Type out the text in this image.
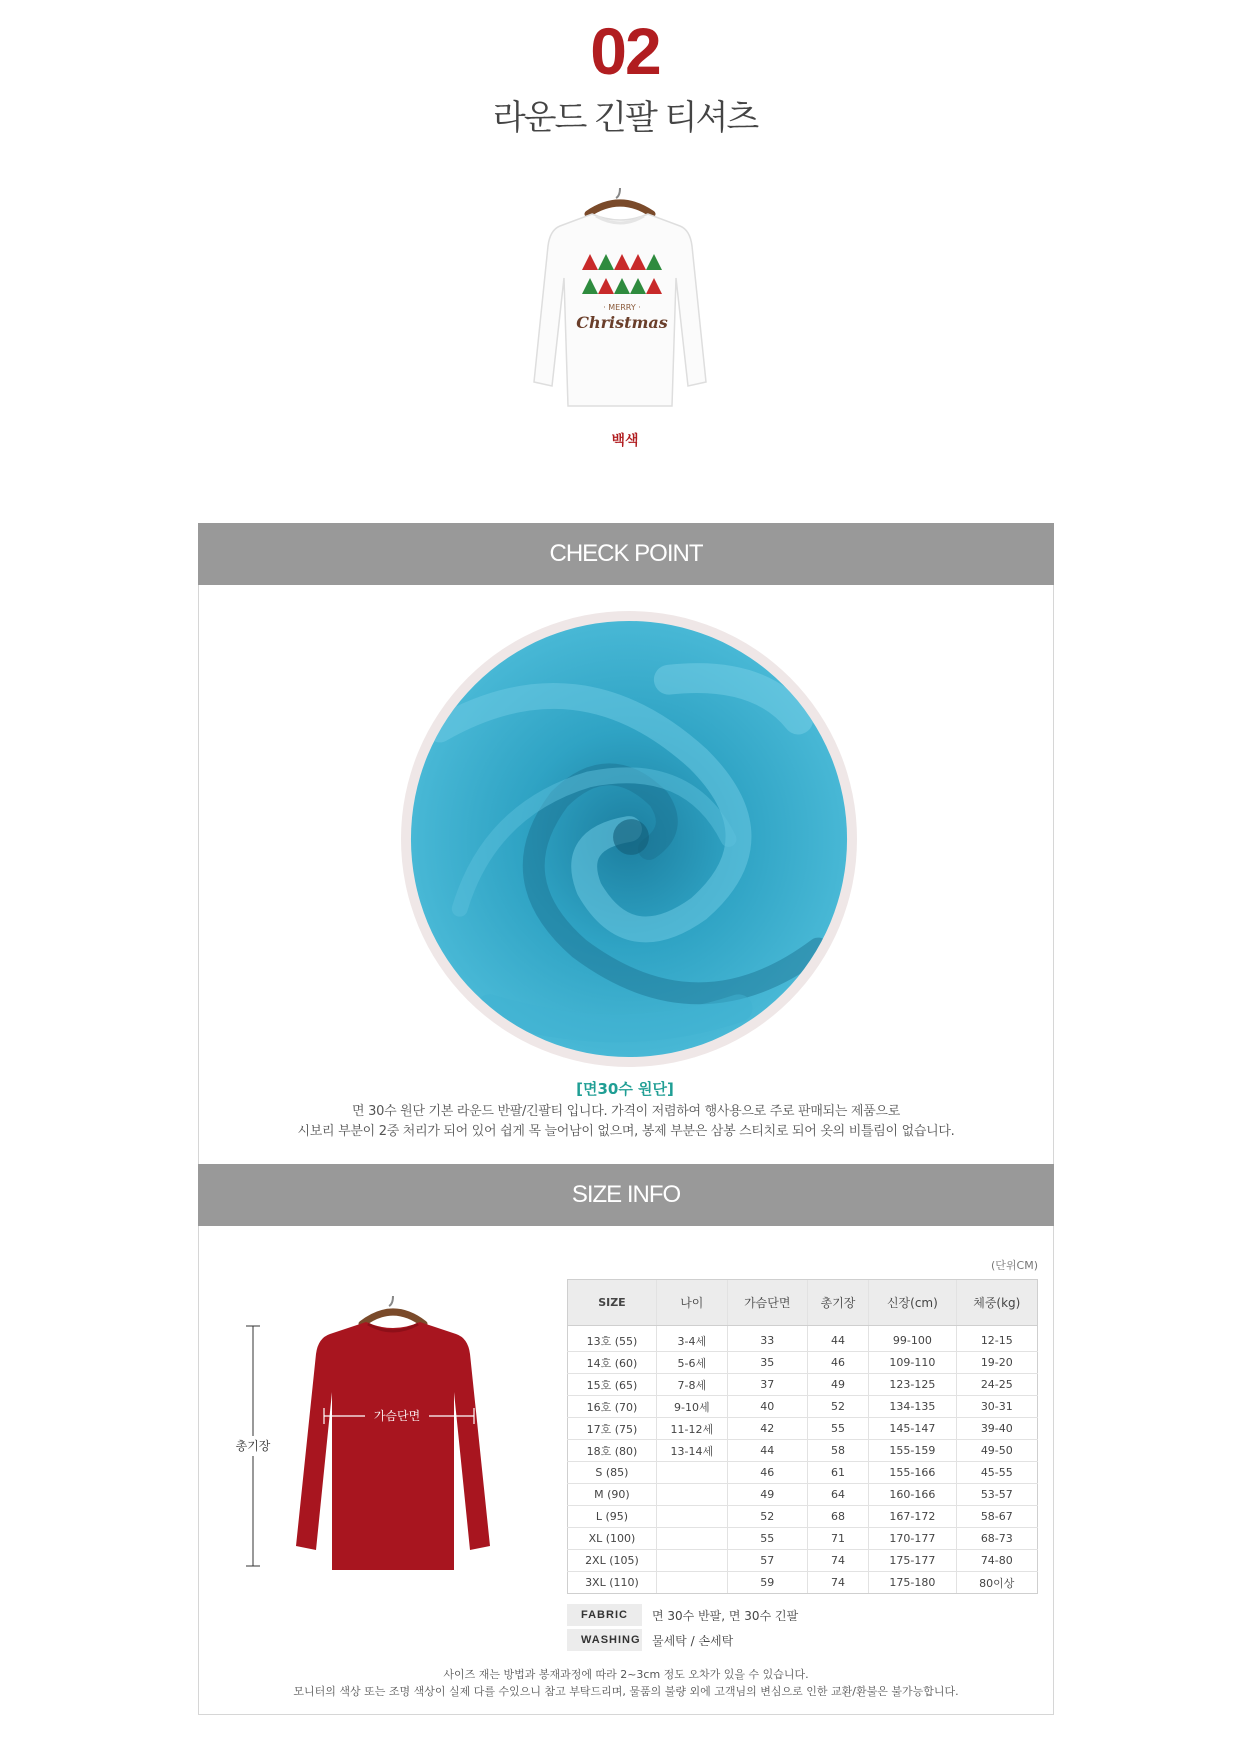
02
라운드 긴팔 티셔츠
· MERRY ·
Christmas
백색
CHECK POINT
[면30수 원단]
면 30수 원단 기본 라운드 반팔/긴팔티 입니다. 가격이 저렴하여 행사용으로 주로 판매되는 제품으로
시보리 부분이 2중 처리가 되어 있어 쉽게 목 늘어남이 없으며, 봉제 부분은 삼봉 스티치로 되어 옷의 비틀림이 없습니다.
SIZE INFO
(단위CM)
총기장
가슴단면
SIZE	나이	가슴단면	총기장	신장(cm)	체중(kg)
13호 (55)	3-4세	33	44	99-100	12-15
14호 (60)	5-6세	35	46	109-110	19-20
15호 (65)	7-8세	37	49	123-125	24-25
16호 (70)	9-10세	40	52	134-135	30-31
17호 (75)	11-12세	42	55	145-147	39-40
18호 (80)	13-14세	44	58	155-159	49-50
S (85)		46	61	155-166	45-55
M (90)		49	64	160-166	53-57
L (95)		52	68	167-172	58-67
XL (100)		55	71	170-177	68-73
2XL (105)		57	74	175-177	74-80
3XL (110)		59	74	175-180	80이상
FABRIC	면 30수 반팔, 면 30수 긴팔
WASHING 물세탁 / 손세탁
사이즈 재는 방법과 봉재과정에 따라 2~3cm 정도 오차가 있을 수 있습니다.
모니터의 색상 또는 조명 색상이 실제 다를 수있으니 참고 부탁드리며, 물품의 불량 외에 고객님의 변심으로 인한 교환/환불은 불가능합니다.
